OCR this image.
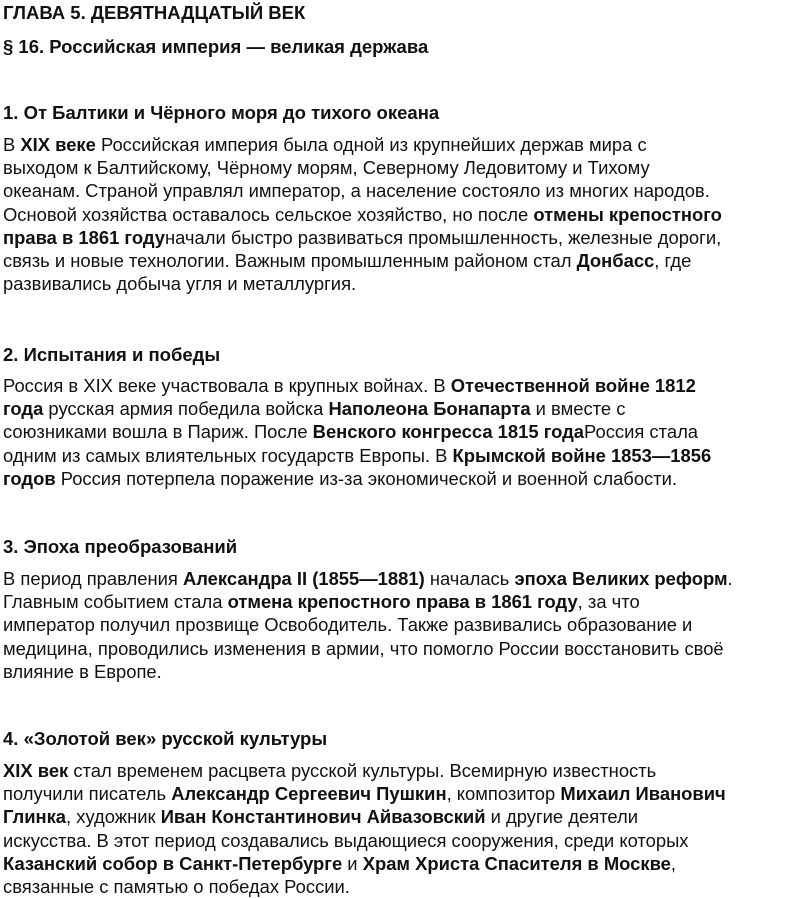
ГЛАВА 5. ДЕВЯТНАДЦАТЫЙ ВЕК
§ 16. Российская империя — великая держава
1. От Балтики и Чёрного моря до тихого океана
В XIX веке Российская империя была одной из крупнейших держав мира с
выходом к Балтийскому, Чёрному морям, Северному Ледовитому и Тихому
океанам. Страной управлял император, а население состояло из многих народов.
Основой хозяйства оставалось сельское хозяйство, но после отмены крепостного
права в 1861 годуначали быстро развиваться промышленность, железные дороги,
связь и новые технологии. Важным промышленным районом стал Донбасс, где
развивались добыча угля и металлургия.
2. Испытания и победы
Россия в XIX веке участвовала в крупных войнах. В Отечественной войне 1812
года русская армия победила войска Наполеона Бонапарта и вместе с
союзниками вошла в Париж. После Венского конгресса 1815 годаРоссия стала
одним из самых влиятельных государств Европы. В Крымской войне 1853—1856
годов Россия потерпела поражение из-за экономической и военной слабости.
3. Эпоха преобразований
В период правления Александра II (1855—1881) началась эпоха Великих реформ.
Главным событием стала отмена крепостного права в 1861 году, за что
император получил прозвище Освободитель. Также развивались образование и
медицина, проводились изменения в армии, что помогло России восстановить своё
влияние в Европе.
4. «Золотой век» русской культуры
XIX век стал временем расцвета русской культуры. Всемирную известность
получили писатель Александр Сергеевич Пушкин, композитор Михаил Иванович
Глинка, художник Иван Константинович Айвазовский и другие деятели
искусства. В этот период создавались выдающиеся сооружения, среди которых
Казанский собор в Санкт-Петербурге и Храм Христа Спасителя в Москве,
связанные с памятью о победах России.
